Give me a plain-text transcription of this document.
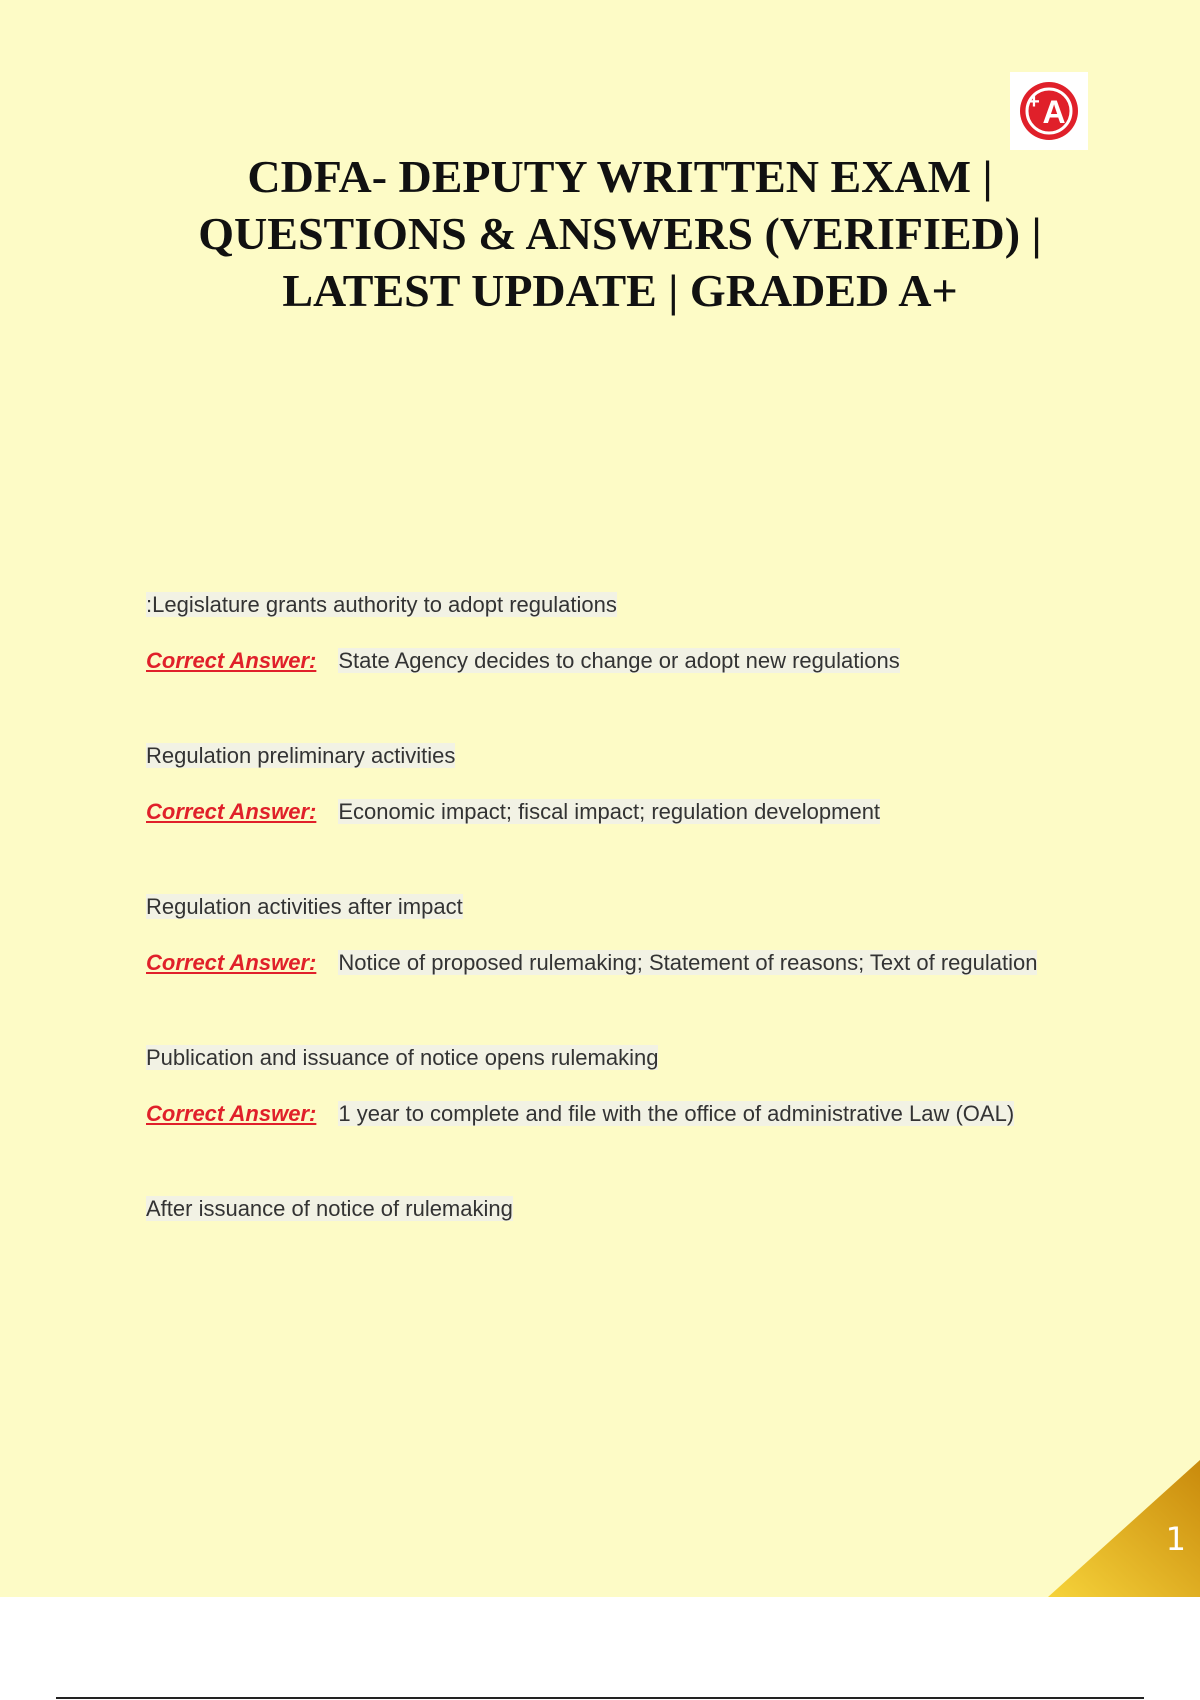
A
+
CDFA- DEPUTY WRITTEN EXAM |
QUESTIONS & ANSWERS (VERIFIED) |
LATEST UPDATE | GRADED A+

:Legislature grants authority to adopt regulations

Correct Answer: State Agency decides to change or adopt new regulations

Regulation preliminary activities

Correct Answer: Economic impact; fiscal impact; regulation development

Regulation activities after impact

Correct Answer: Notice of proposed rulemaking; Statement of reasons; Text of regulation

Publication and issuance of notice opens rulemaking

Correct Answer: 1 year to complete and file with the office of administrative Law (OAL)

After issuance of notice of rulemaking

1
